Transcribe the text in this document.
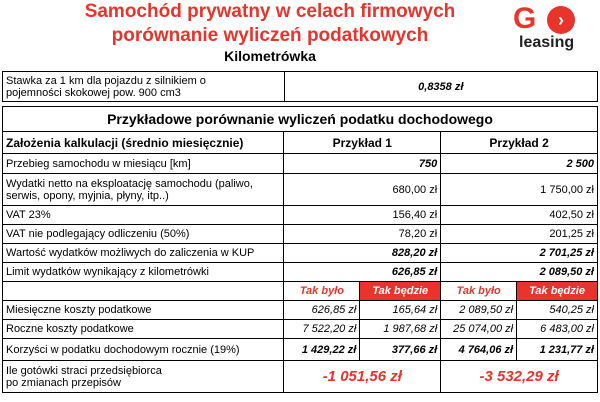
Samochód prywatny w celach firmowych
porównanie wyliczeń podatkowych
Kilometrówka
G	›
leasing
Stawka za 1 km dla pojazdu z silnikiem o
pojemności skokowej pow. 900 cm3	0,8358 zł
Przykładowe porównanie wyliczeń podatku dochodowego				
Założenia kalkulacji (średnio miesięcznie)	Przykład 1		Przykład 2	
Przebieg samochodu w miesiącu [km]	750		2 500	

Wydatki netto na eksploatację samochodu (paliwo,
serwis, opony, myjnia, płyny, itp..)	680,00 zł		1 750,00 zł	
VAT 23%	156,40 zł		402,50 zł	
VAT nie podlegający odliczeniu (50%)	78,20 zł		201,25 zł	
Wartość wydatków możliwych do zaliczenia w KUP	828,20 zł		2 701,25 zł	
Limit wydatków wynikający z kilometrówki	626,85 zł		2 089,50 zł	
	Tak było	Tak będzie	Tak było	Tak będzie
Miesięczne koszty podatkowe	626,85 zł	165,64 zł	2 089,50 zł	540,25 zł
Roczne koszty podatkowe	7 522,20 zł	1 987,68 zł	25 074,00 zł	6 483,00 zł
Korzyści w podatku dochodowym rocznie (19%)	1 429,22 zł	377,66 zł	4 764,06 zł	1 231,77 zł

Ile gotówki straci przedsiębiorca
po zmianach przepisów	-1 051,56 zł		-3 532,29 zł	
